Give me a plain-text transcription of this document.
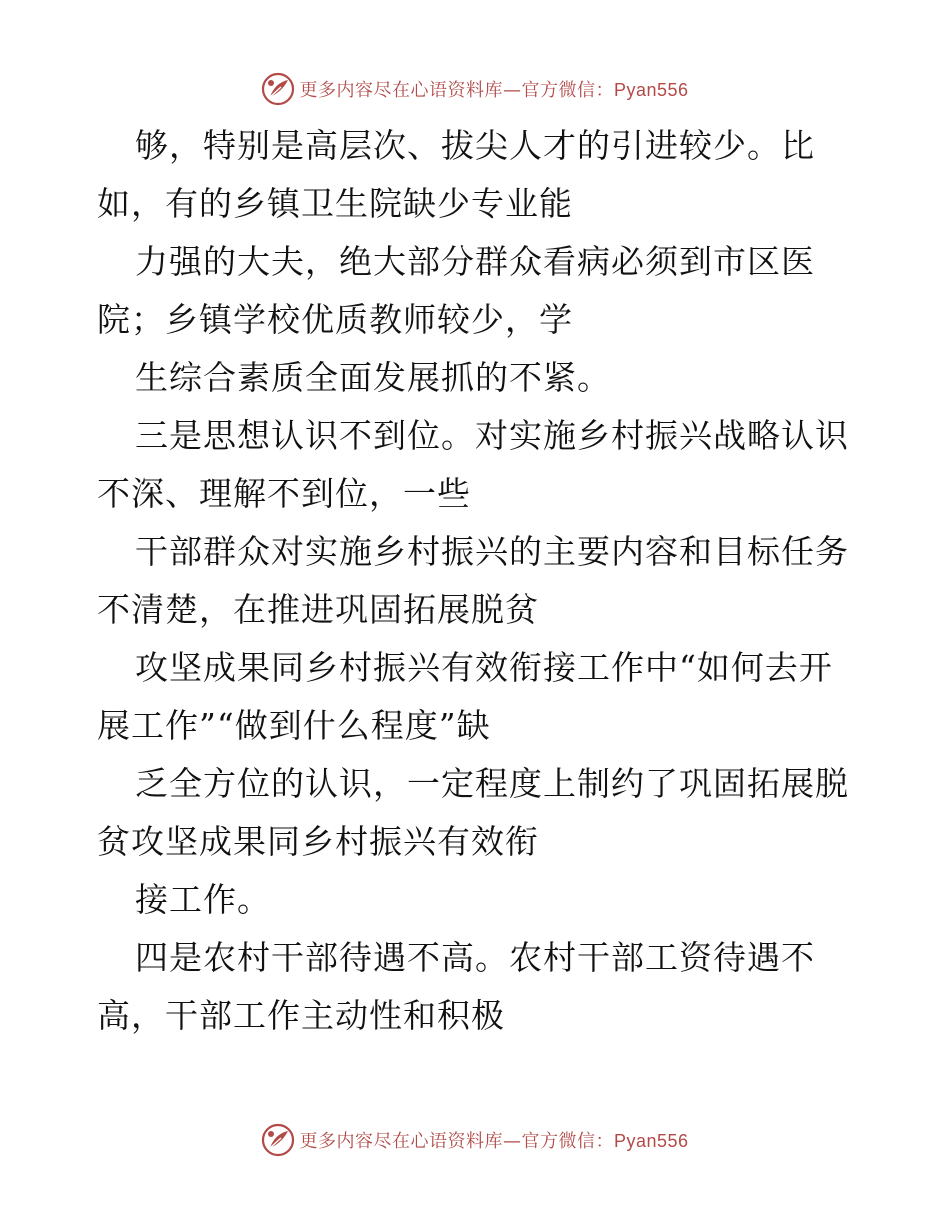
更多内容尽在心语资料库—官方微信：Pyan556
够，特别是高层次、拔尖人才的引进较少。比
如，有的乡镇卫生院缺少专业能
力强的大夫，绝大部分群众看病必须到市区医
院；乡镇学校优质教师较少，学
生综合素质全面发展抓的不紧。
三是思想认识不到位。对实施乡村振兴战略认识
不深、理解不到位，一些
干部群众对实施乡村振兴的主要内容和目标任务
不清楚，在推进巩固拓展脱贫
攻坚成果同乡村振兴有效衔接工作中“如何去开
展工作”“做到什么程度”缺
乏全方位的认识，一定程度上制约了巩固拓展脱
贫攻坚成果同乡村振兴有效衔
接工作。
四是农村干部待遇不高。农村干部工资待遇不
高，干部工作主动性和积极
更多内容尽在心语资料库—官方微信：Pyan556
